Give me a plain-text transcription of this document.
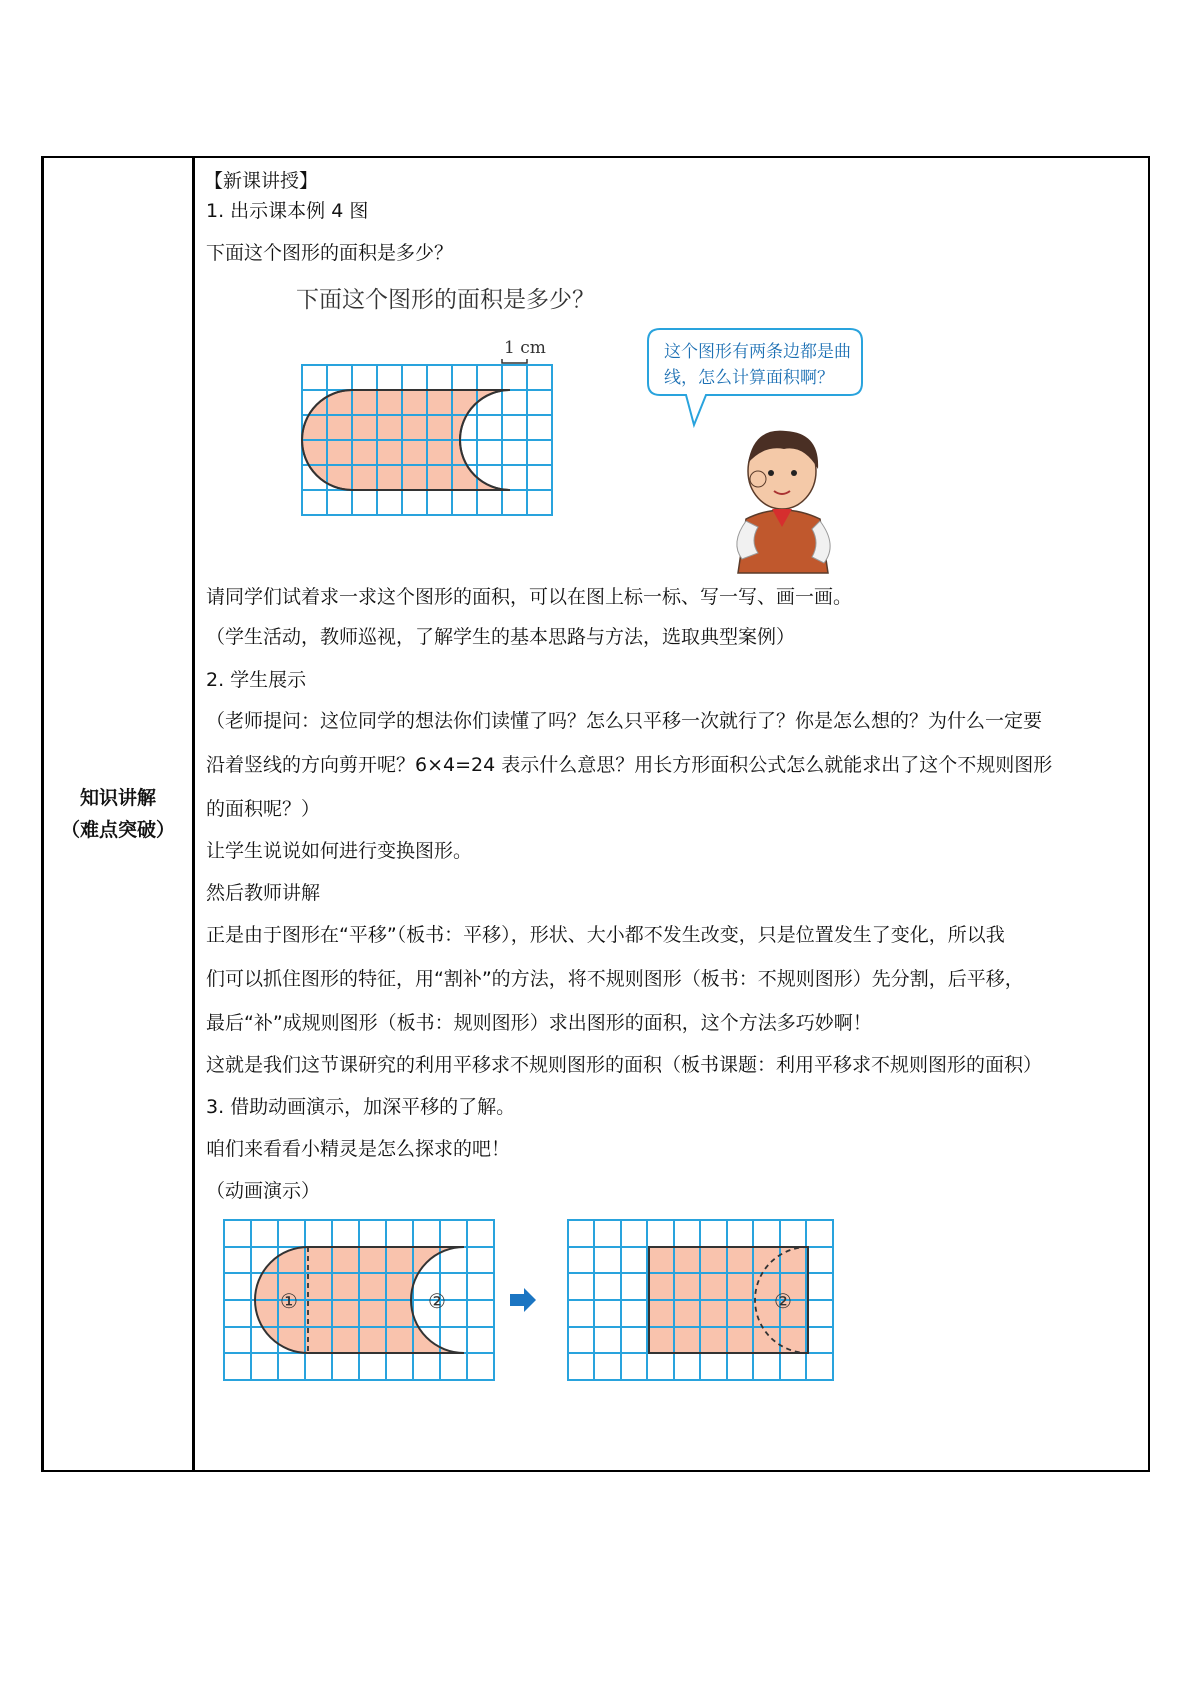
知识讲解
（难点突破）
【新课讲授】
1. 出示课本例 4 图
下面这个图形的面积是多少？
下面这个图形的面积是多少？
1 cm	这个图形有两条边都是曲
线，怎么计算面积啊？
请同学们试着求一求这个图形的面积，可以在图上标一标、写一写、画一画。
（学生活动，教师巡视，了解学生的基本思路与方法，选取典型案例）
2. 学生展示
（老师提问：这位同学的想法你们读懂了吗？怎么只平移一次就行了？你是怎么想的？为什么一定要
沿着竖线的方向剪开呢？6×4=24 表示什么意思？用长方形面积公式怎么就能求出了这个不规则图形
的面积呢？）
让学生说说如何进行变换图形。
然后教师讲解
正是由于图形在“平移”（板书：平移），形状、大小都不发生改变，只是位置发生了变化，所以我
们可以抓住图形的特征，用“割补”的方法，将不规则图形（板书：不规则图形）先分割，后平移，
最后“补”成规则图形（板书：规则图形）求出图形的面积，这个方法多巧妙啊！
这就是我们这节课研究的利用平移求不规则图形的面积（板书课题：利用平移求不规则图形的面积）
3. 借助动画演示，加深平移的了解。
咱们来看看小精灵是怎么探求的吧！
（动画演示）
①	②	②
